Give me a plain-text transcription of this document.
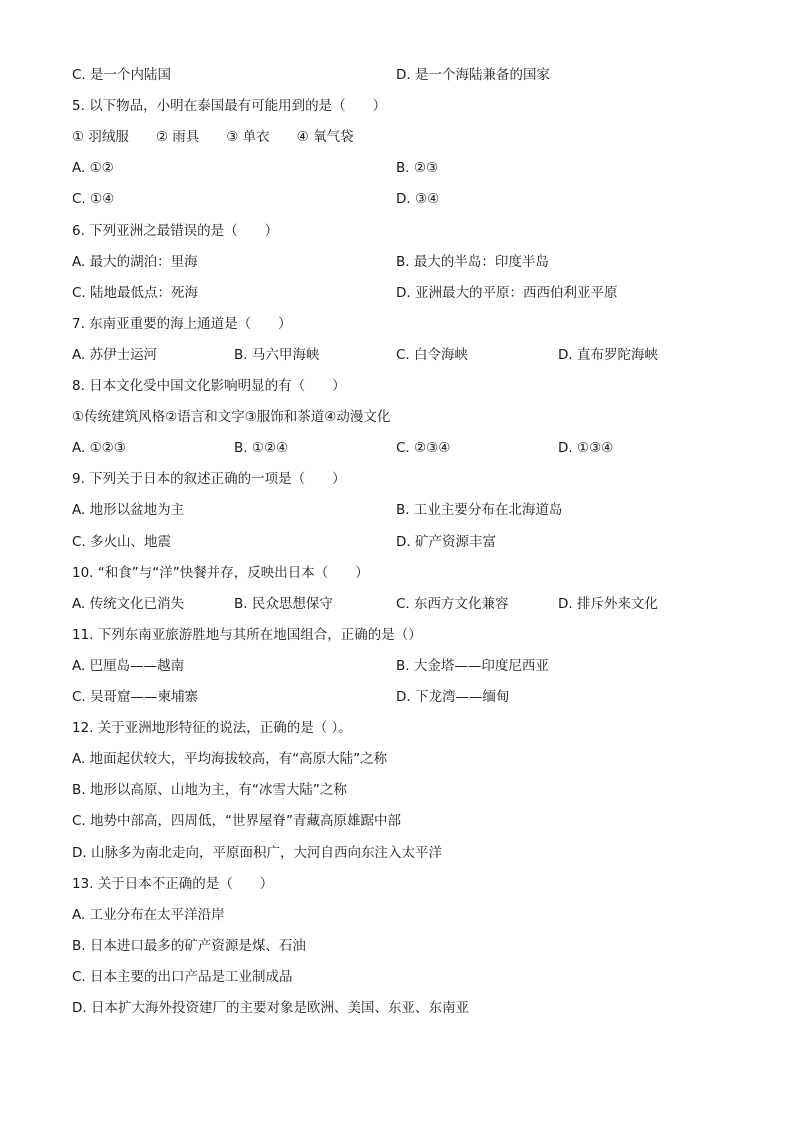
C. 是一个内陆国	D. 是一个海陆兼备的国家
5. 以下物品，小明在泰国最有可能用到的是（　　）
① 羽绒服　　② 雨具　　③ 单衣　　④ 氧气袋
A. ①②	B. ②③
C. ①④	D. ③④
6. 下列亚洲之最错误的是（　　）
A. 最大的湖泊：里海	B. 最大的半岛：印度半岛
C. 陆地最低点：死海	D. 亚洲最大的平原：西西伯利亚平原
7. 东南亚重要的海上通道是（　　）
A. 苏伊士运河	B. 马六甲海峡	C. 白令海峡	D. 直布罗陀海峡
8. 日本文化受中国文化影响明显的有（　　）
①传统建筑风格②语言和文字③服饰和茶道④动漫文化
A. ①②③	B. ①②④	C. ②③④	D. ①③④
9. 下列关于日本的叙述正确的一项是（　　）
A. 地形以盆地为主	B. 工业主要分布在北海道岛
C. 多火山、地震	D. 矿产资源丰富
10. “和食”与“洋”快餐并存，反映出日本（　　）
A. 传统文化已消失	B. 民众思想保守	C. 东西方文化兼容	D. 排斥外来文化
11. 下列东南亚旅游胜地与其所在地国组合，正确的是（）
A. 巴厘岛——越南	B. 大金塔——印度尼西亚
C. 吴哥窟——柬埔寨	D. 下龙湾——缅甸
12. 关于亚洲地形特征的说法，正确的是（ ）。
A. 地面起伏较大，平均海拔较高，有“高原大陆”之称
B. 地形以高原、山地为主，有“冰雪大陆”之称
C. 地势中部高，四周低，“世界屋脊”青藏高原雄踞中部
D. 山脉多为南北走向，平原面积广，大河自西向东注入太平洋
13. 关于日本不正确的是（　　）
A. 工业分布在太平洋沿岸
B. 日本进口最多的矿产资源是煤、石油
C. 日本主要的出口产品是工业制成品
D. 日本扩大海外投资建厂的主要对象是欧洲、美国、东亚、东南亚
